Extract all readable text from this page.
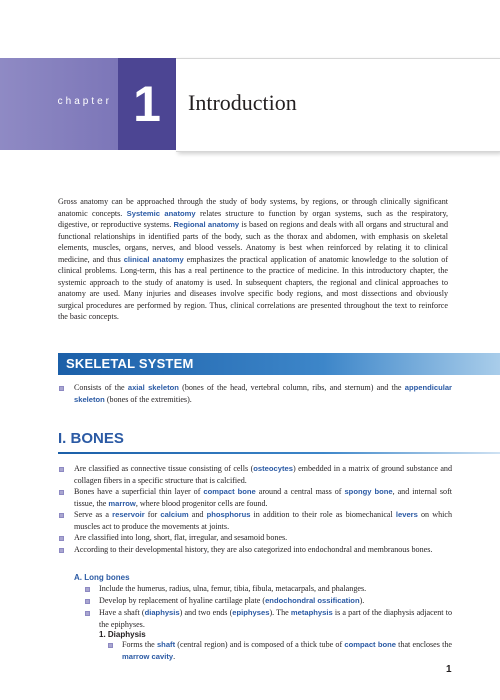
chapter 1	Introduction

Gross anatomy can be approached through the study of body systems, by regions, or through clinically significant anatomic concepts. Systemic anatomy relates structure to function by organ systems, such as the respiratory, digestive, or reproductive systems. Regional anatomy is based on regions and deals with all organs and structural and functional relationships in identified parts of the body, such as the thorax and abdomen, with emphasis on skeletal elements, muscles, organs, nerves, and blood vessels. Anatomy is best when reinforced by relating it to clinical medicine, and thus clinical anatomy emphasizes the practical application of anatomic knowledge to the solution of clinical problems. Long-term, this has a real pertinence to the practice of medicine. In this introductory chapter, the systemic approach to the study of anatomy is used. In subsequent chapters, the regional and clinical approaches to anatomy are used. Many injuries and diseases involve specific body regions, and most dissections and obviously surgical procedures are performed by region. Thus, clinical correlations are presented throughout the text to reinforce the basic concepts.

SKELETAL SYSTEM

Consists of the axial skeleton (bones of the head, vertebral column, ribs, and sternum) and the appendicular skeleton (bones of the extremities).

I. BONES

Are classified as connective tissue consisting of cells (osteocytes) embedded in a matrix of ground substance and collagen fibers in a specific structure that is calcified.

Bones have a superficial thin layer of compact bone around a central mass of spongy bone, and internal soft tissue, the marrow, where blood progenitor cells are found.

Serve as a reservoir for calcium and phosphorus in addition to their role as biomechanical levers on which muscles act to produce the movements at joints.

Are classified into long, short, flat, irregular, and sesamoid bones.

According to their developmental history, they are also categorized into endochondral and membranous bones.

A. Long bones

Include the humerus, radius, ulna, femur, tibia, fibula, metacarpals, and phalanges.

Develop by replacement of hyaline cartilage plate (endochondral ossification).

Have a shaft (diaphysis) and two ends (epiphyses). The metaphysis is a part of the diaphysis adjacent to the epiphyses.

1. Diaphysis

Forms the shaft (central region) and is composed of a thick tube of compact bone that encloses the marrow cavity.

1
